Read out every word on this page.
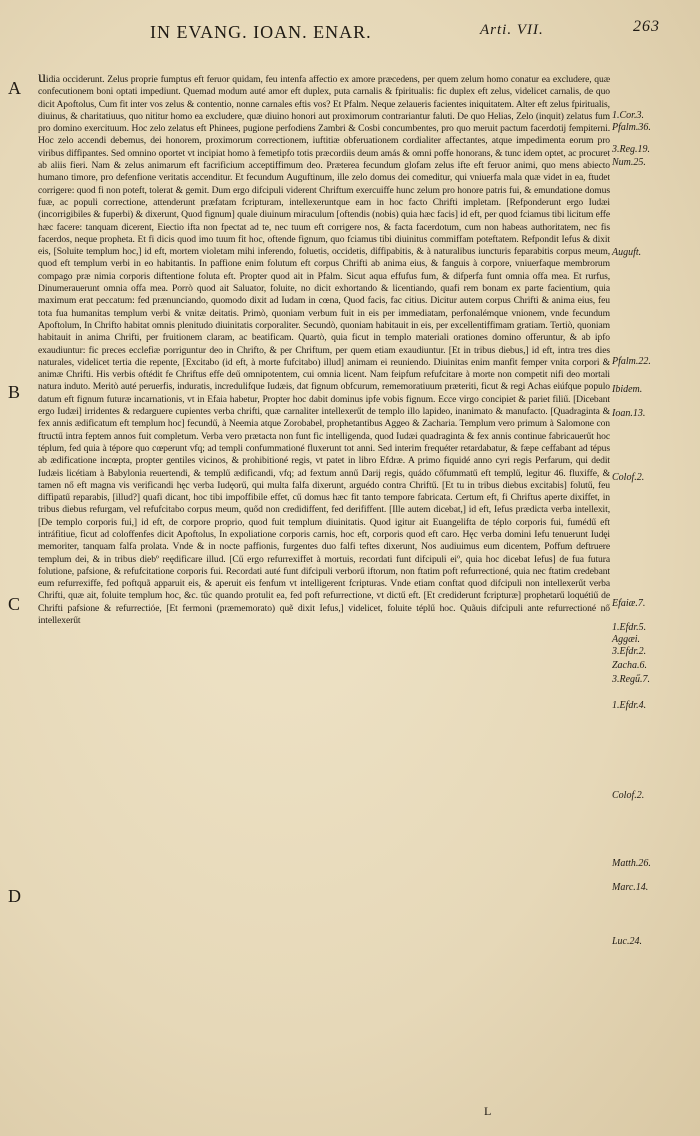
IN EVANG. IOAN. ENAR.	Arti. VII.	263
A
B
C
D

uidia occiderunt. Zelus proprie fumptus eft feruor quidam, feu intenfa affectio ex amore præcedens, per quem zelum homo conatur ea excludere, quæ confecutionem boni optati impediunt. Quemad modum auté amor eft duplex, puta carnalis & fpiritualis: fic duplex eft zelus, videlicet carnalis, de quo dicit Apoftolus, Cum fit inter vos zelus & contentio, nonne carnales eftis vos? Et Pfalm. Neque zelaueris facientes iniquitatem. Alter eft zelus fpiritualis, diuinus, & charitatiuus, quo nititur homo ea excludere, quæ diuino honori aut proximorum contrariantur faluti. De quo Helias, Zelo (inquit) zelatus fum pro domino exercituum. Hoc zelo zelatus eft Phinees, pugione perfodiens Zambri & Cosbi concumbentes, pro quo meruit pactum facerdotij fempiterni. Hoc zelo accendi debemus, dei honorem, proximorum correctionem, iuftitiæ obferuationem cordialiter affectantes, atque impedimenta eorum pro viribus diffipantes. Sed omnino oportet vt incipiat homo à femetipfo totis præcordiis deum amás & omni poffe honorans, & tunc idem optet, ac procuret ab aliis fieri. Nam & zelus animarum eft facrificium acceptiffimum deo. Præterea fecundum glofam zelus ifte eft feruor animi, quo mens abiecto humano timore, pro defenfione veritatis accenditur. Et fecundum Auguftinum, ille zelo domus dei comeditur, qui vniuerfa mala quæ videt in ea, ftudet corrigere: quod fi non poteft, tolerat & gemit. Dum ergo difcipuli viderent Chriftum exercuiffe hunc zelum pro honore patris fui, & emundatione domus fuæ, ac populi correctione, attenderunt præfatam fcripturam, intellexeruntque eam in hoc facto Chrifti impletam. [Refponderunt ergo Iudæi (incorrigibiles & fuperbi) & dixerunt, Quod fignum] quale diuinum miraculum [oftendis (nobis) quia hæc facis] id eft, per quod fciamus tibi licitum effe hæc facere: tanquam dicerent, Eiectio ifta non fpectat ad te, nec tuum eft corrigere nos, & facta facerdotum, cum non habeas authoritatem, nec fis facerdos, neque propheta. Et fi dicis quod imo tuum fit hoc, oftende fignum, quo fciamus tibi diuinitus commiffam poteftatem. Refpondit Iefus & dixit eis, [Soluite templum hoc,] id eft, mortem violetam mihi inferendo, foluetis, occidetis, diffipabitis, & à naturalibus iuncturis feparabitis corpus meum, quod eft templum verbi in eo habitantis. In paffione enim folutum eft corpus Chrifti ab anima eius, & fanguis à corpore, vniuerfaque membrorum compago præ nimia corporis diftentione foluta eft. Propter quod ait in Pfalm. Sicut aqua effufus fum, & difperfa funt omnia offa mea. Et rurfus, Dinumerauerunt omnia offa mea. Porrò quod ait Saluator, foluite, no dicit exhortando & licentiando, quafi rem bonam ex parte facientium, quia maximum erat peccatum: fed prænunciando, quomodo dixit ad Iudam in cœna, Quod facis, fac citius. Dicitur autem corpus Chrifti & anima eius, feu tota fua humanitas templum verbi & vnitæ deitatis. Primò, quoniam verbum fuit in eis per immediatam, perfonalémque vnionem, vnde fecundum Apoftolum, In Chrifto habitat omnis plenitudo diuinitatis corporaliter. Secundò, quoniam habitauit in eis, per excellentiffimam gratiam. Tertiò, quoniam habitauit in anima Chrifti, per fruitionem claram, ac beatificam. Quartò, quia ficut in templo materiali orationes domino offeruntur, & ab ipfo exaudiuntur: fic preces ecclefiæ porriguntur deo in Chrifto, & per Chriftum, per quem etiam exaudiuntur. [Et in tribus diebus,] id eft, intra tres dies naturales, videlicet tertia die repente, [Excitabo (id eft, à morte fufcitabo) illud] animam ei reuniendo. Diuinitas enim manfit femper vnita corpori & animæ Chrifti. His verbis oftédit fe Chriftus effe deű omnipotentem, cui omnia licent. Nam feipfum refufcitare à morte non competit nifi deo mortali natura induto. Meritò auté peruerfis, induratis, incredulifque Iudæis, dat fignum obfcurum, rememoratiuum præteriti, ficut & regi Achas eiúfque populo datum eft fignum futuræ incarnationis, vt in Efaia habetur, Propter hoc dabit dominus ipfe vobis fignum. Ecce virgo concipiet & pariet filiű. [Dicebant ergo Iudæi] irridentes & redarguere cupientes verba chrifti, quæ carnaliter intellexerűt de templo illo lapideo, inanimato & manufacto. [Quadraginta & fex annis ædificatum eft templum hoc] fecundű, à Neemia atque Zorobabel, prophetantibus Aggeo & Zacharia. Templum vero primum à Salomone con ftructű intra feptem annos fuit completum. Verba vero prætacta non funt fic intelligenda, quod Iudæi quadraginta & fex annis continue fabricauerűt hoc téplum, fed quia à tépore quo cœperunt vfq; ad templi confummationé fluxerunt tot anni. Sed interim frequéter retardabatur, & fæpe ceffabant ad tépus ab ædificatione incœpta, propter gentiles vicinos, & prohibitioné regis, vt patet in libro Efdræ. A primo fiquidé anno cyri regis Perfarum, qui dedit Iudæis licétiam à Babylonia reuertendi, & templű ædificandi, vfq; ad fextum annű Darij regis, quádo cőfummatű eft templű, legitur 46. fluxiffe, & tamen nő eft magna vis verificandi hęc verba Iudęorű, qui multa falfa dixerunt, arguédo contra Chriftű. [Et tu in tribus diebus excitabis] folutű, feu diffipatű reparabis, [illud?] quafi dicant, hoc tibi impoffibile effet, cű domus hæc fit tanto tempore fabricata. Certum eft, fi Chriftus aperte dixiffet, in tribus diebus refurgam, vel refufcitabo corpus meum, quőd non credidiffent, fed derififfent. [Ille autem dicebat,] id eft, Iefus prædicta verba intellexit, [De templo corporis fui,] id eft, de corpore proprio, quod fuit templum diuinitatis. Quod igitur ait Euangelifta de téplo corporis fui, fumédű eft intráfitiue, ficut ad coloffenfes dicit Apoftolus, In expoliatione corporis carnis, hoc eft, corporis quod eft caro. Hęc verba domini Iefu tenuerunt Iudęi memoriter, tanquam falfa prolata. Vnde & in nocte paffionis, furgentes duo falfi teftes dixerunt, Nos audiuimus eum dicentem, Poffum deftruere templum dei, & in tribus diebº reędificare illud. [Cű ergo refurrexiffet à mortuis, recordati funt difcipuli eiº, quia hoc dicebat Iefus] de fua futura folutione, pafsione, & refufcitatione corporis fui. Recordati auté funt difcipuli verborű iftorum, non ftatim poft refurrectioné, quia nec ftatim credebant eum refurrexiffe, fed poftquã apparuit eis, & aperuit eis fenfum vt intelligerent fcripturas. Vnde etiam conftat quod difcipuli non intellexerűt verba Chrifti, quæ ait, foluite templum hoc, &c. tűc quando protulit ea, fed poft refurrectione, vt dictű eft. [Et crediderunt fcripturæ] prophetarű loquétiű de Chrifti pafsione & refurrectióe, [Et fermoni (præmemorato) quẽ dixit Iefus,] videlicet, foluite téplű hoc. Quãuis difcipuli ante refurrectioné nő intellexerűt

1.Cor.3.
Pfalm.36.
3.Reg.19.
Num.25.
Auguft.
Pfalm.22.
Ibidem.
Ioan.13.
Colof.2.
Efaiæ.7.
1.Efdr.5.
Aggæi.
3.Efdr.2.
Zacha.6.
3.Regű.7.
1.Efdr.4.
Colof.2.
Matth.26.
Marc.14.
Luc.24.
L
